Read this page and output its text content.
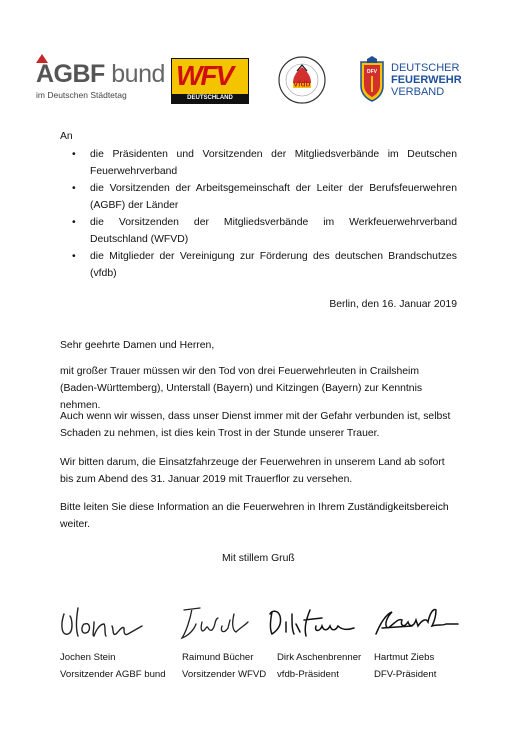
AGBF bund
im Deutschen Städtetag
WFV
DEUTSCHLAND
vfdb
DFV DEUTSCHER
FEUERWEHR
VERBAND
An
• die Präsidenten und Vorsitzenden der Mitgliedsverbände im Deutschen Feuerwehrverband
• die Vorsitzenden der Arbeitsgemeinschaft der Leiter der Berufsfeuerwehren (AGBF) der Länder
• die Vorsitzenden der Mitgliedsverbände im Werkfeuerwehrverband Deutschland (WFVD)
• die Mitglieder der Vereinigung zur Förderung des deutschen Brandschutzes (vfdb)
Berlin, den 16. Januar 2019
Sehr geehrte Damen und Herren,
mit großer Trauer müssen wir den Tod von drei Feuerwehrleuten in Crailsheim (Baden-Württemberg), Unterstall (Bayern) und Kitzingen (Bayern) zur Kenntnis nehmen.
Auch wenn wir wissen, dass unser Dienst immer mit der Gefahr verbunden ist, selbst Schaden zu nehmen, ist dies kein Trost in der Stunde unserer Trauer.
Wir bitten darum, die Einsatzfahrzeuge der Feuerwehren in unserem Land ab sofort bis zum Abend des 31. Januar 2019 mit Trauerflor zu versehen.
Bitte leiten Sie diese Information an die Feuerwehren in Ihrem Zuständigkeitsbereich weiter.
Mit stillem Gruß
Jochen Stein
Vorsitzender AGBF bund
Raimund Bücher
Vorsitzender WFVD
Dirk Aschenbrenner
vfdb-Präsident
Hartmut Ziebs
DFV-Präsident
